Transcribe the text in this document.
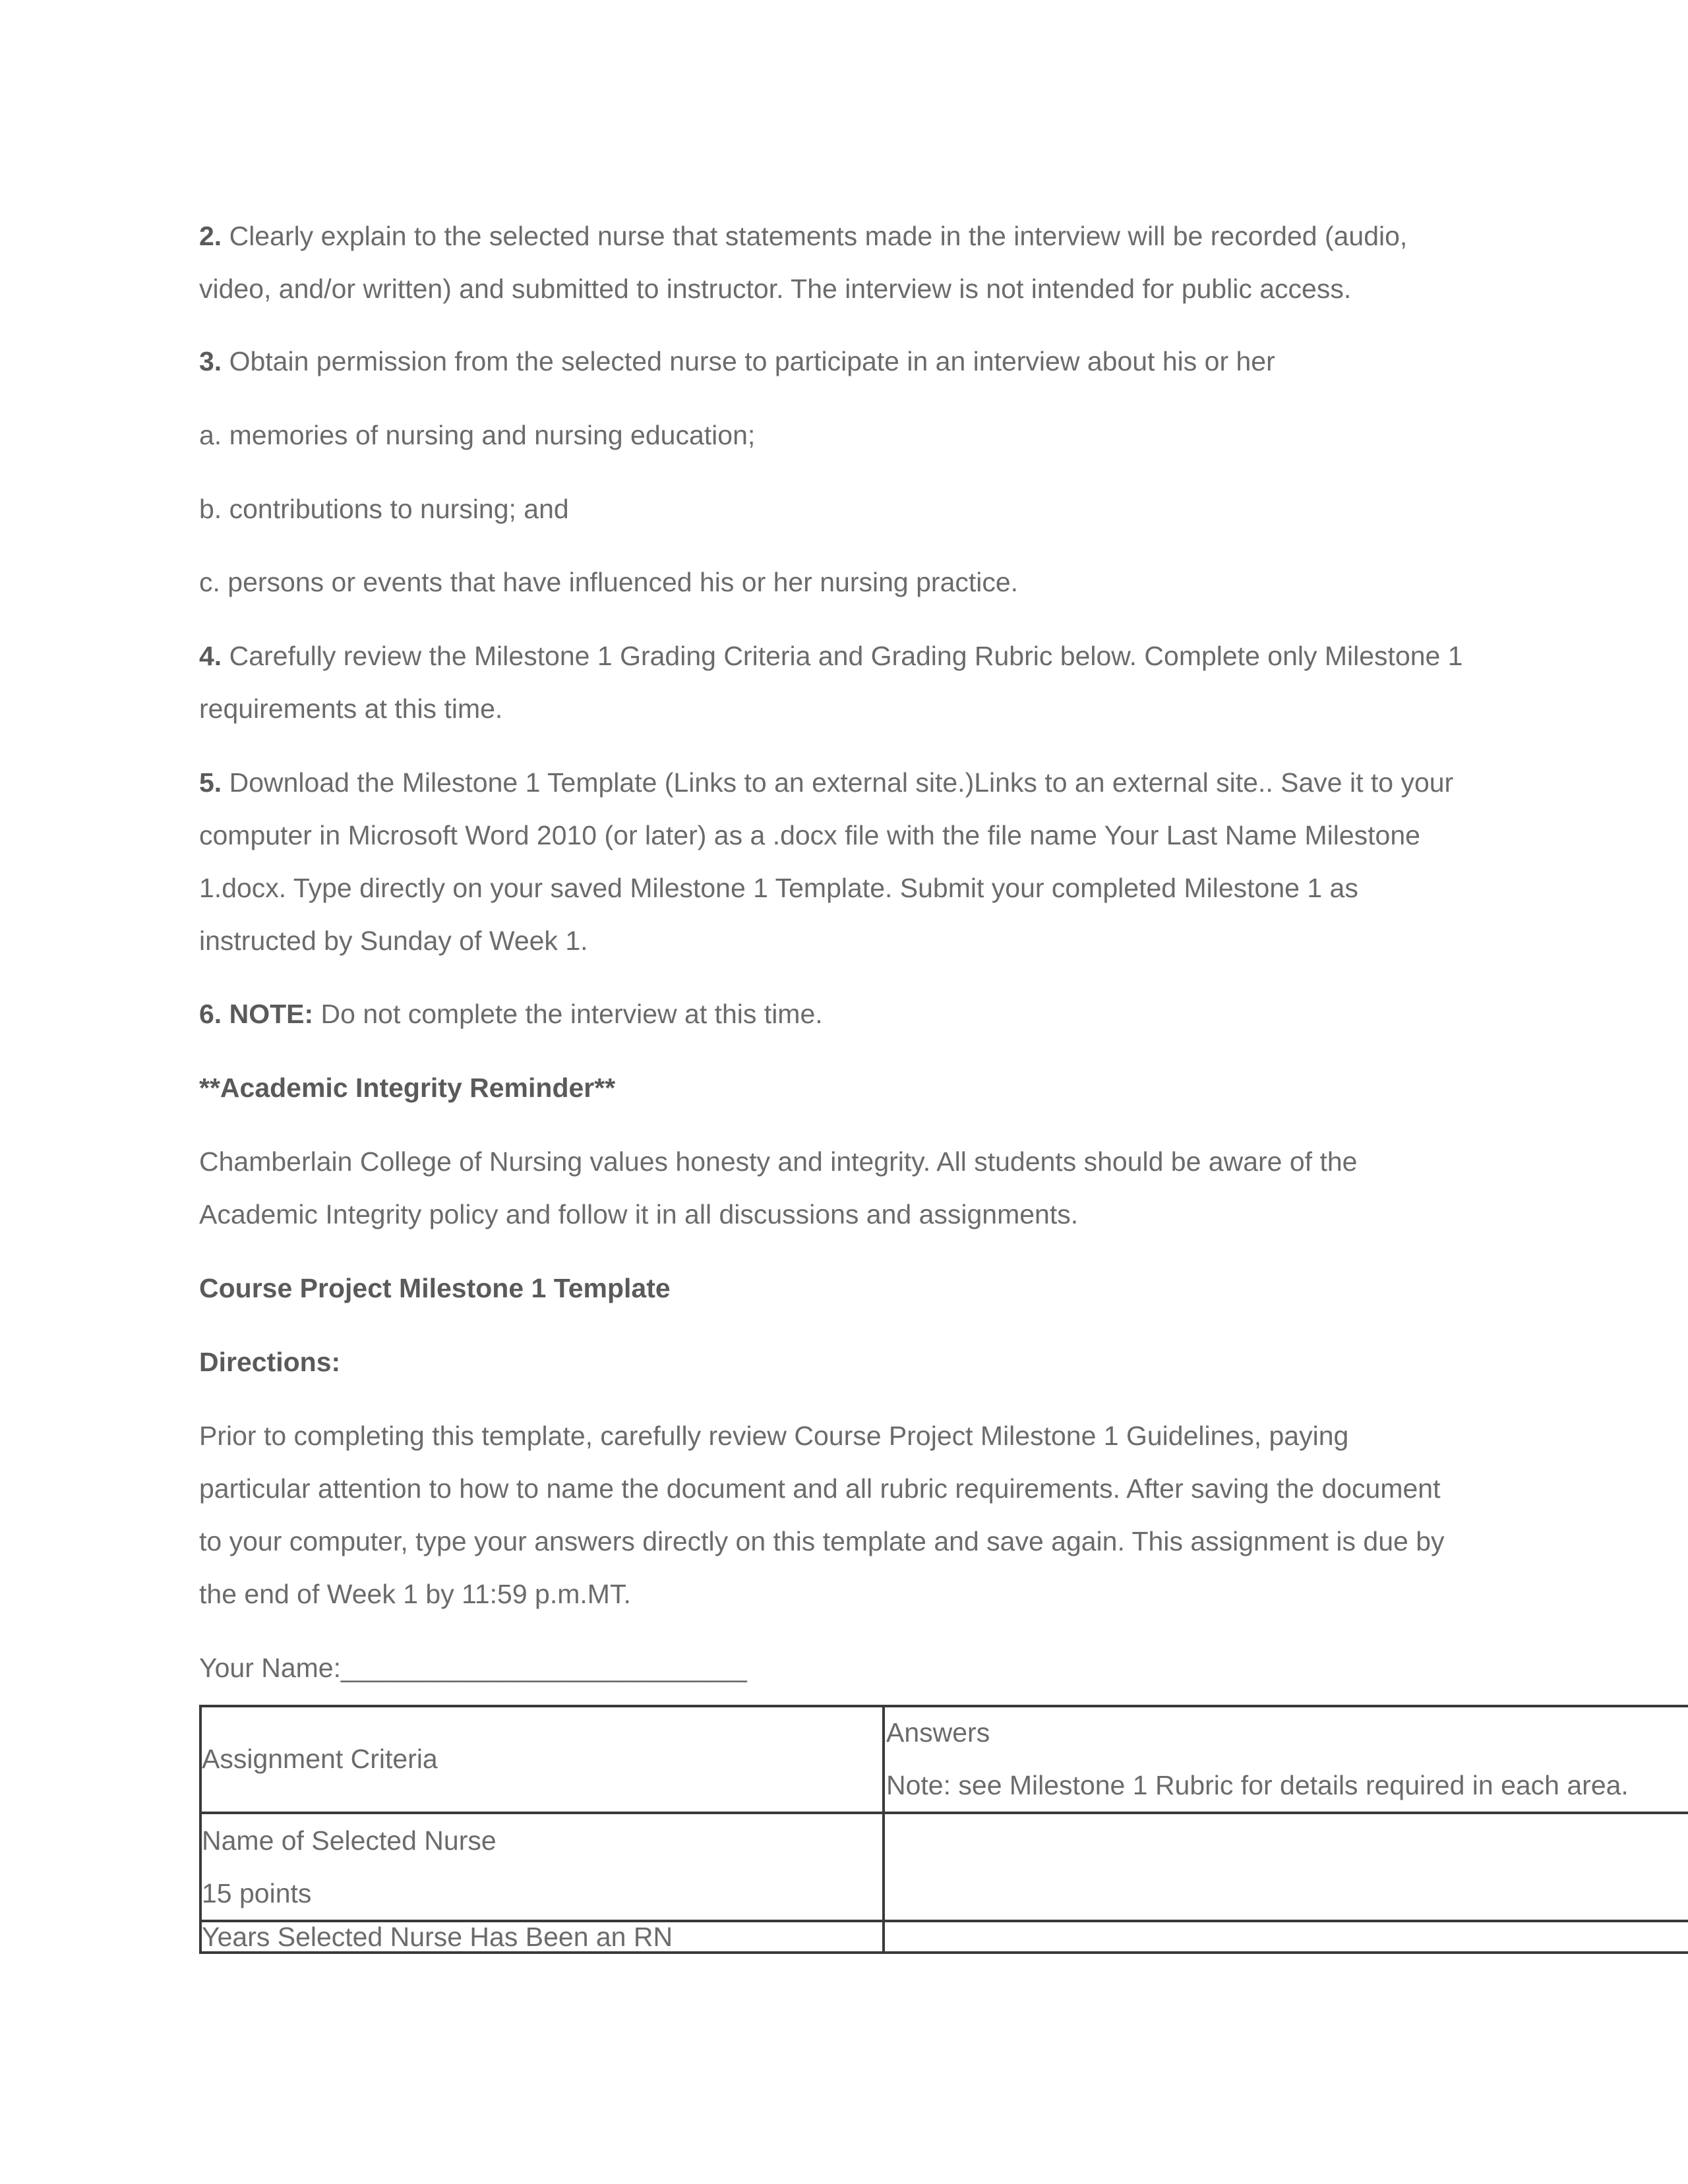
2. Clearly explain to the selected nurse that statements made in the interview will be recorded (audio,

video, and/or written) and submitted to instructor. The interview is not intended for public access.

3. Obtain permission from the selected nurse to participate in an interview about his or her

a. memories of nursing and nursing education;

b. contributions to nursing; and

c. persons or events that have influenced his or her nursing practice.

4. Carefully review the Milestone 1 Grading Criteria and Grading Rubric below. Complete only Milestone 1

requirements at this time.

5. Download the Milestone 1 Template (Links to an external site.)Links to an external site.. Save it to your

computer in Microsoft Word 2010 (or later) as a .docx file with the file name Your Last Name Milestone

1.docx. Type directly on your saved Milestone 1 Template. Submit your completed Milestone 1 as

instructed by Sunday of Week 1.

6. NOTE: Do not complete the interview at this time.

**Academic Integrity Reminder**

Chamberlain College of Nursing values honesty and integrity. All students should be aware of the

Academic Integrity policy and follow it in all discussions and assignments.

Course Project Milestone 1 Template

Directions:

Prior to completing this template, carefully review Course Project Milestone 1 Guidelines, paying

particular attention to how to name the document and all rubric requirements. After saving the document

to your computer, type your answers directly on this template and save again. This assignment is due by

the end of Week 1 by 11:59 p.m.MT.

Your Name:___________________________

Assignment Criteria
Answers
Note: see Milestone 1 Rubric for details required in each area.
Name of Selected Nurse
15 points
Years Selected Nurse Has Been an RN
